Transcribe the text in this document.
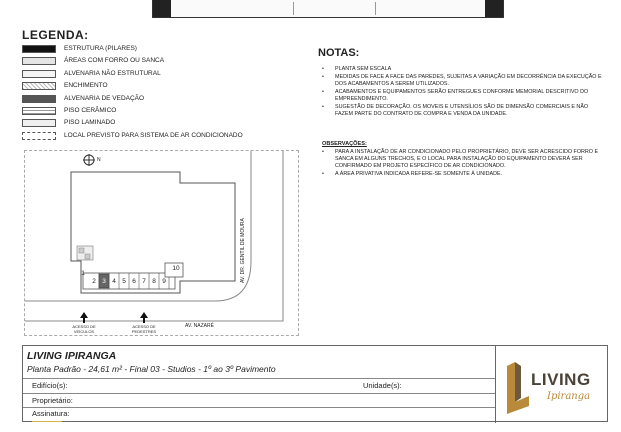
LEGENDA:
ESTRUTURA (PILARES)
ÁREAS COM FORRO OU SANCA
ALVENARIA NÃO ESTRUTURAL
ENCHIMENTO
ALVENARIA DE VEDAÇÃO
PISO CERÂMICO
PISO LAMINADO
LOCAL PREVISTO PARA SISTEMA DE AR CONDICIONADO
NOTAS:
• PLANTA SEM ESCALA
• MEDIDAS DE FACE A FACE DAS PAREDES, SUJEITAS A VARIAÇÃO EM DECORRÊNCIA DA EXECUÇÃO E DOS ACABAMENTOS A SEREM UTILIZADOS.
• ACABAMENTOS E EQUIPAMENTOS SERÃO ENTREGUES CONFORME MEMORIAL DESCRITIVO DO EMPREENDIMENTO.
• SUGESTÃO DE DECORAÇÃO. OS MOVEIS E UTENSÍLIOS SÃO DE DIMENSÃO COMERCIAIS E NÃO FAZEM PARTE DO CONTRATO DE COMPRA E VENDA DA UNIDADE.
OBSERVAÇÕES:
• PARA A INSTALAÇÃO DE AR CONDICIONADO PELO PROPRIETÁRIO, DEVE SER ACRESCIDO FORRO E SANCA EM ALGUNS TRECHOS, E O LOCAL PARA INSTALAÇÃO DO EQUIPAMENTO DEVERÁ SER CONFIRMADO EM PROJETO ESPECÍFICO DE AR CONDICIONADO.
• A ÁREA PRIVATIVA INDICADA REFERE-SE SOMENTE À UNIDADE.
1
2 3 4 5 6 7 8 9
10
N
AV. DR. GENTIL DE MOURA
AV. NAZARÉ
ACESSO DE VEÍCULOS
ACESSO DE PEDESTRES
LIVING IPIRANGA
Planta Padrão - 24,61 m² - Final 03 - Studios - 1º ao 3º Pavimento
Edifício(s):	Unidade(s):
Proprietário:
Assinatura:
LIVING
Ipiranga
